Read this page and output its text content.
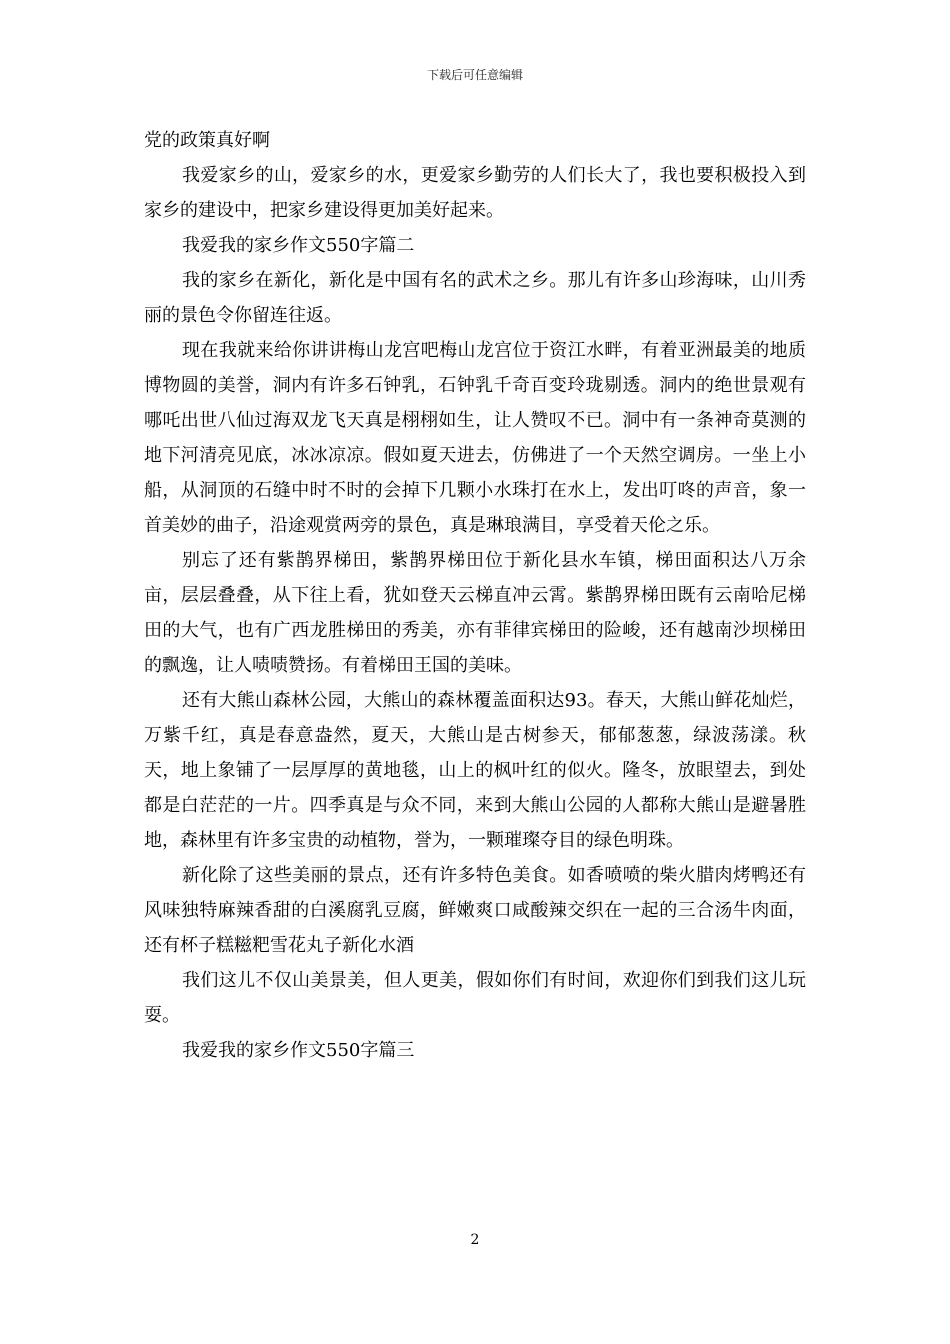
下载后可任意编辑

党的政策真好啊

我爱家乡的山，爱家乡的水，更爱家乡勤劳的人们长大了，我也要积极投入到家乡的建设中，把家乡建设得更加美好起来。

我爱我的家乡作文550字篇二

我的家乡在新化，新化是中国有名的武术之乡。那儿有许多山珍海味，山川秀丽的景色令你留连往返。

现在我就来给你讲讲梅山龙宫吧梅山龙宫位于资江水畔，有着亚洲最美的地质博物圆的美誉，洞内有许多石钟乳，石钟乳千奇百变玲珑剔透。洞内的绝世景观有哪吒出世八仙过海双龙飞天真是栩栩如生，让人赞叹不已。洞中有一条神奇莫测的地下河清亮见底，冰冰凉凉。假如夏天进去，仿佛进了一个天然空调房。一坐上小船，从洞顶的石缝中时不时的会掉下几颗小水珠打在水上，发出叮咚的声音，象一首美妙的曲子，沿途观赏两旁的景色，真是琳琅满目，享受着天伦之乐。

别忘了还有紫鹊界梯田，紫鹊界梯田位于新化县水车镇，梯田面积达八万余亩，层层叠叠，从下往上看，犹如登天云梯直冲云霄。紫鹊界梯田既有云南哈尼梯田的大气，也有广西龙胜梯田的秀美，亦有菲律宾梯田的险峻，还有越南沙坝梯田的飘逸，让人啧啧赞扬。有着梯田王国的美味。

还有大熊山森林公园，大熊山的森林覆盖面积达93。春天，大熊山鲜花灿烂，万紫千红，真是春意盎然，夏天，大熊山是古树参天，郁郁葱葱，绿波荡漾。秋天，地上象铺了一层厚厚的黄地毯，山上的枫叶红的似火。隆冬，放眼望去，到处都是白茫茫的一片。四季真是与众不同，来到大熊山公园的人都称大熊山是避暑胜地，森林里有许多宝贵的动植物，誉为，一颗璀璨夺目的绿色明珠。

新化除了这些美丽的景点，还有许多特色美食。如香喷喷的柴火腊肉烤鸭还有风味独特麻辣香甜的白溪腐乳豆腐，鲜嫩爽口咸酸辣交织在一起的三合汤牛肉面，还有杯子糕糍粑雪花丸子新化水酒

我们这儿不仅山美景美，但人更美，假如你们有时间，欢迎你们到我们这儿玩耍。

我爱我的家乡作文550字篇三

2
